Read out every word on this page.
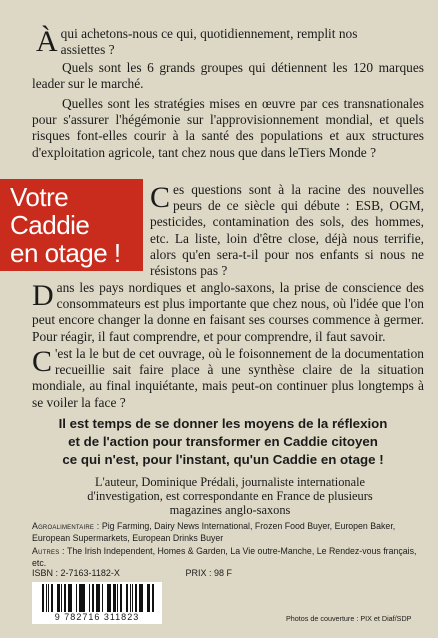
À qui achetons-nous ce qui, quotidiennement, remplit nos
assiettes ?
Quels sont les 6 grands groupes qui détiennent les 120 marques leader sur le marché.
Quelles sont les stratégies mises en œuvre par ces transnationales pour s'assurer l'hégémonie sur l'approvisionnement mondial, et quels risques font-elles courir à la santé des populations et aux structures d'exploitation agricole, tant chez nous que dans leTiers Monde ?
Votre
Caddie
en otage !
C es questions sont à la racine des nouvelles peurs de ce siècle qui débute : ESB, OGM, pesticides, contamination des sols, des hommes, etc. La liste, loin d'être close, déjà nous terrifie, alors qu'en sera-t-il pour nos enfants si nous ne résistons pas ?
D ans les pays nordiques et anglo-saxons, la prise de conscience des consommateurs est plus importante que chez nous, où l'idée que l'on peut encore changer la donne en faisant ses courses commence à germer. Pour réagir, il faut comprendre, et pour comprendre, il faut savoir.
C 'est la le but de cet ouvrage, où le foisonnement de la documentation recueillie sait faire place à une synthèse claire de la situation mondiale, au final inquiétante, mais peut-on continuer plus longtemps à se voiler la face ?
Il est temps de se donner les moyens de la réflexion
et de l'action pour transformer en Caddie citoyen
ce qui n'est, pour l'instant, qu'un Caddie en otage !
L'auteur, Dominique Prédali, journaliste internationale
d'investigation, est correspondante en France de plusieurs
magazines anglo-saxons
Agroalimentaire : Pig Farming, Dairy News International, Frozen Food Buyer, Europen Baker, European Supermarkets, European Drinks Buyer
Autres : The Irish Independent, Homes & Garden, La Vie outre-Manche, Le Rendez-vous français, etc.
ISBN : 2-7163-1182-X	PRIX : 98 F
9 782716 311823	Photos de couverture : PIX et Diaf/SDP
